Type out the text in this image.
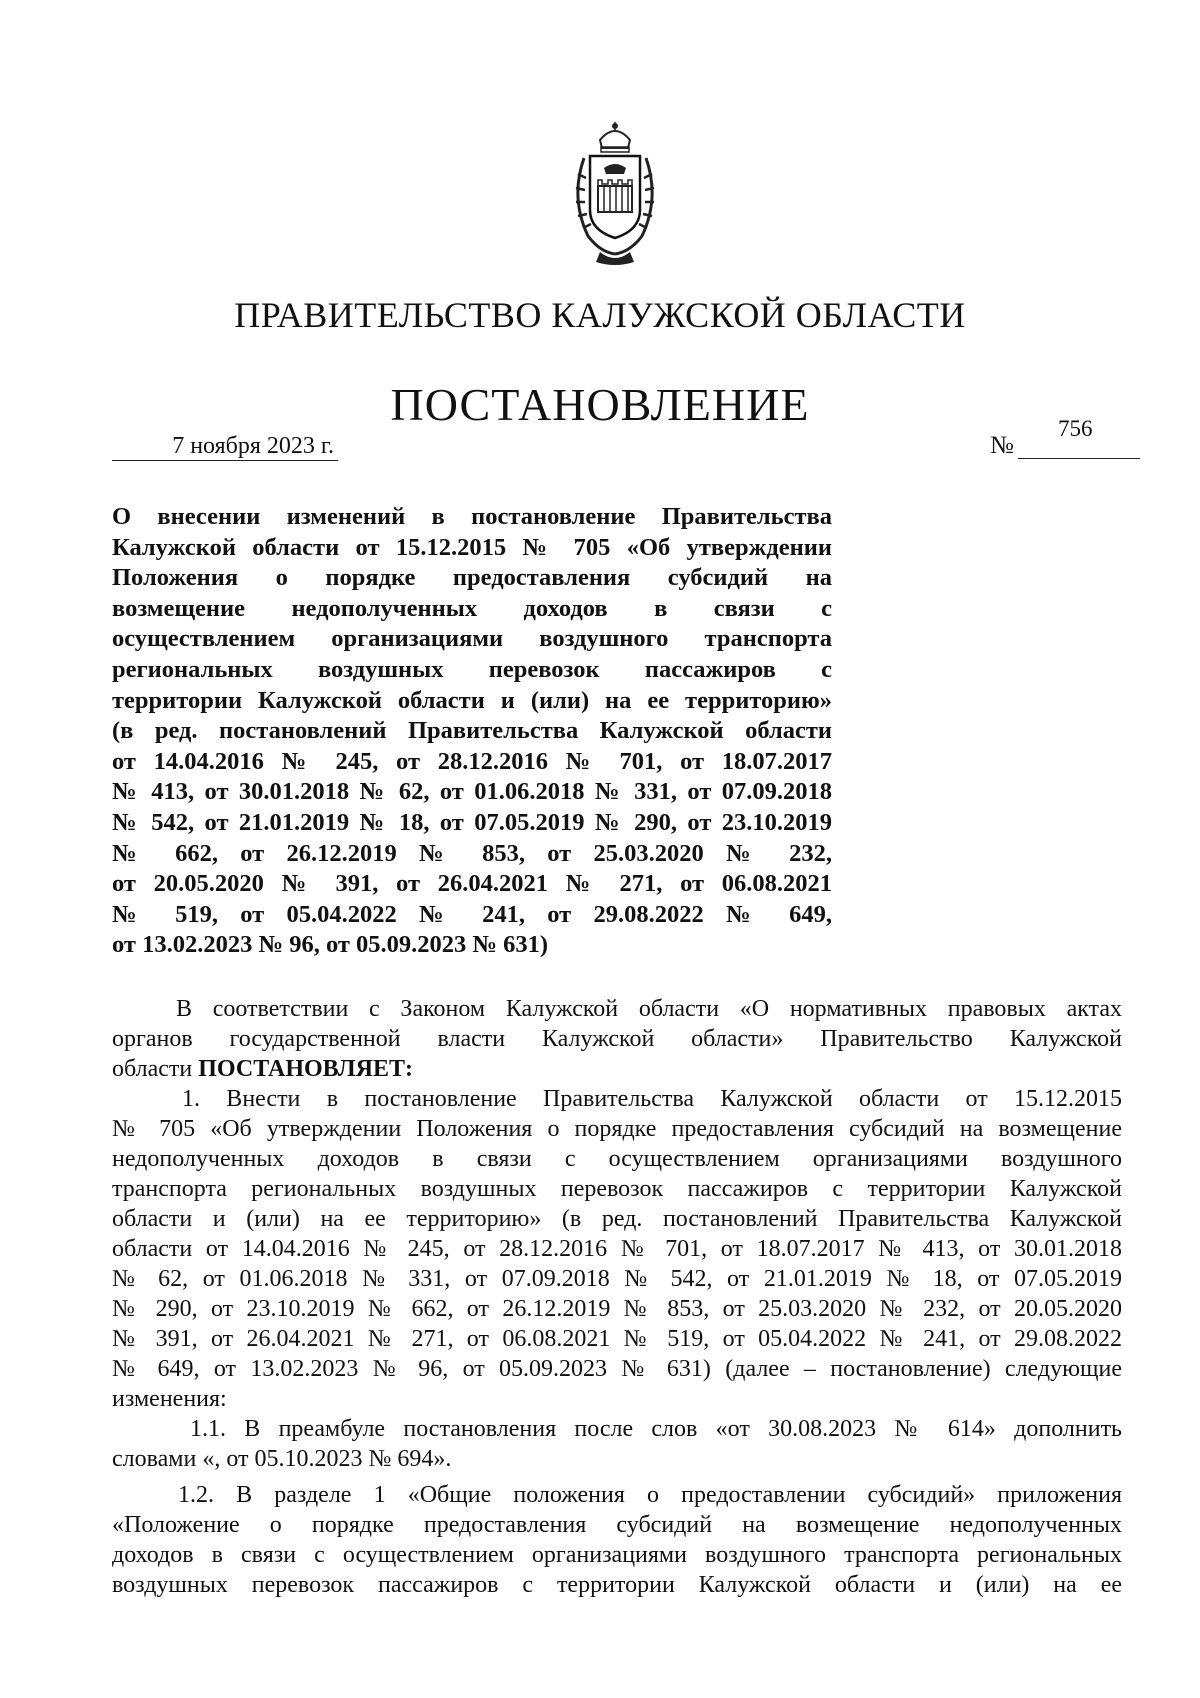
ПРАВИТЕЛЬСТВО КАЛУЖСКОЙ ОБЛАСТИ
ПОСТАНОВЛЕНИЕ
7 ноября 2023 г.	№
756
О внесении изменений в постановление Правительства
Калужской области от 15.12.2015 № 705 «Об утверждении
Положения о порядке предоставления субсидий на
возмещение недополученных доходов в связи с
осуществлением организациями воздушного транспорта
региональных воздушных перевозок пассажиров с
территории Калужской области и (или) на ее территорию»
(в ред. постановлений Правительства Калужской области
от 14.04.2016 № 245, от 28.12.2016 № 701, от 18.07.2017
№ 413, от 30.01.2018 № 62, от 01.06.2018 № 331, от 07.09.2018
№ 542, от 21.01.2019 № 18, от 07.05.2019 № 290, от 23.10.2019
№ 662, от 26.12.2019 № 853, от 25.03.2020 № 232,
от 20.05.2020 № 391, от 26.04.2021 № 271, от 06.08.2021
№ 519, от 05.04.2022 № 241, от 29.08.2022 № 649,
от 13.02.2023 № 96, от 05.09.2023 № 631)
В соответствии с Законом Калужской области «О нормативных правовых актах
органов государственной власти Калужской области» Правительство Калужской
области ПОСТАНОВЛЯЕТ:
1. Внести в постановление Правительства Калужской области от 15.12.2015
№ 705 «Об утверждении Положения о порядке предоставления субсидий на возмещение
недополученных доходов в связи с осуществлением организациями воздушного
транспорта региональных воздушных перевозок пассажиров с территории Калужской
области и (или) на ее территорию» (в ред. постановлений Правительства Калужской
области от 14.04.2016 № 245, от 28.12.2016 № 701, от 18.07.2017 № 413, от 30.01.2018
№ 62, от 01.06.2018 № 331, от 07.09.2018 № 542, от 21.01.2019 № 18, от 07.05.2019
№ 290, от 23.10.2019 № 662, от 26.12.2019 № 853, от 25.03.2020 № 232, от 20.05.2020
№ 391, от 26.04.2021 № 271, от 06.08.2021 № 519, от 05.04.2022 № 241, от 29.08.2022
№ 649, от 13.02.2023 № 96, от 05.09.2023 № 631) (далее – постановление) следующие
изменения:
1.1. В преамбуле постановления после слов «от 30.08.2023 № 614» дополнить
словами «, от 05.10.2023 № 694».
1.2. В разделе 1 «Общие положения о предоставлении субсидий» приложения
«Положение о порядке предоставления субсидий на возмещение недополученных
доходов в связи с осуществлением организациями воздушного транспорта региональных
воздушных перевозок пассажиров с территории Калужской области и (или) на ее
